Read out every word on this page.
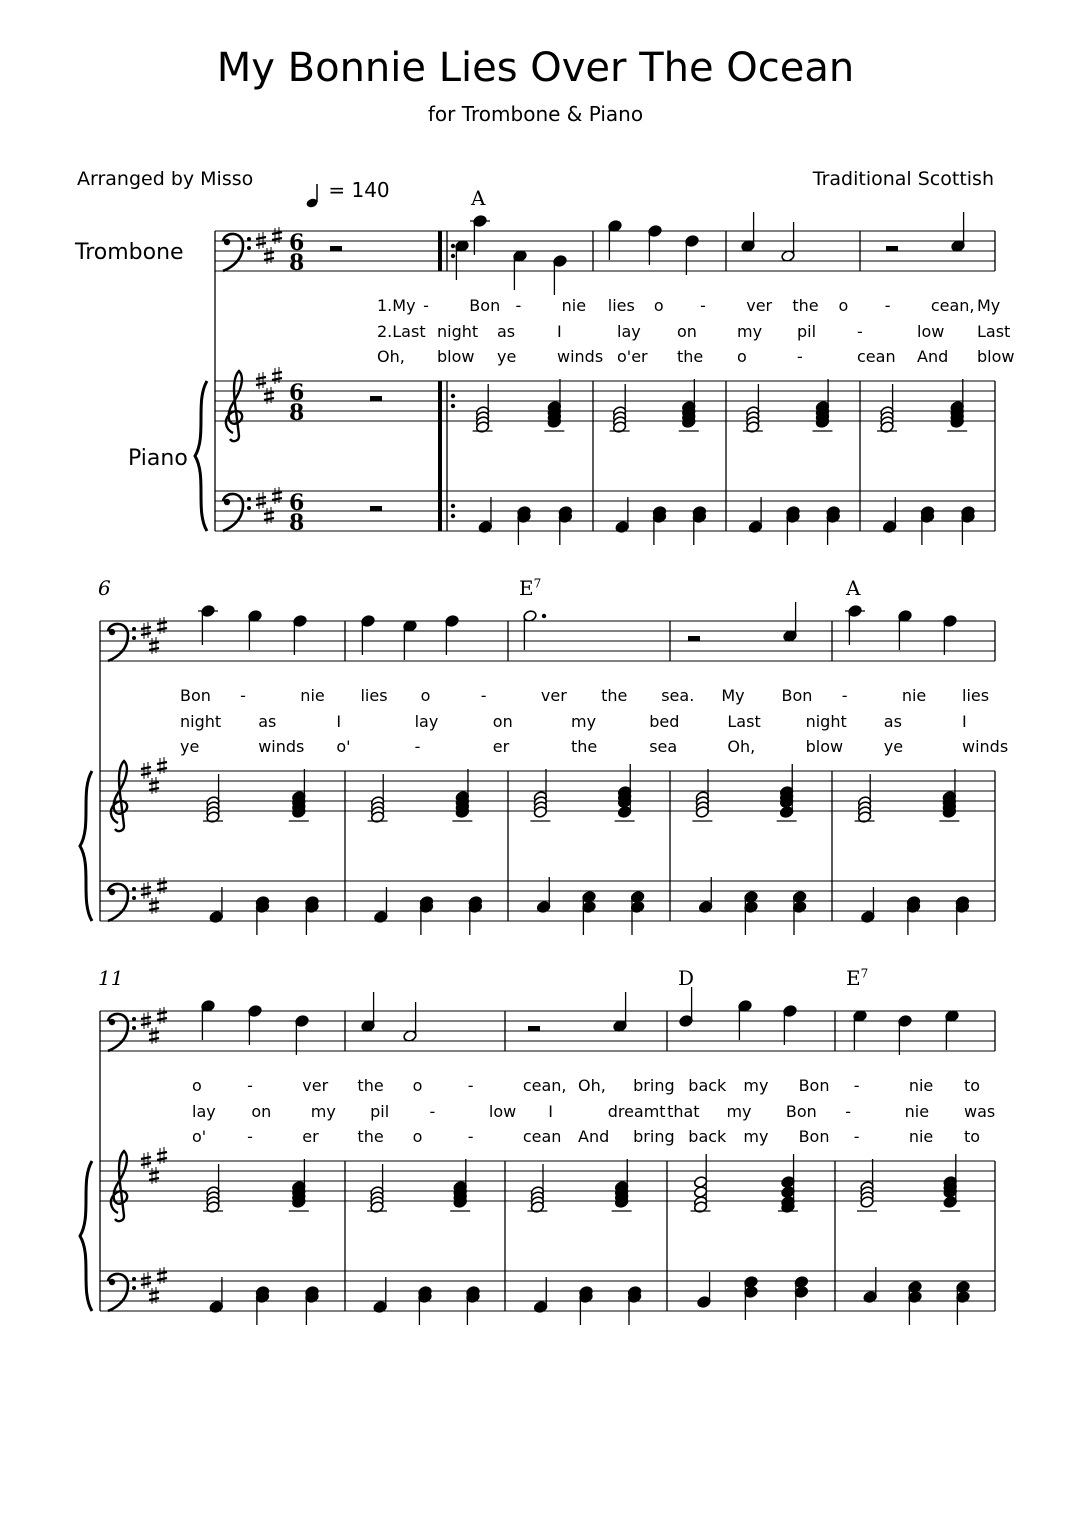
My Bonnie Lies Over The Ocean
for Trombone & Piano
Arranged by Misso	Traditional Scottish
= 140
Trombone
Piano
6
11
A
$E^7$	A
D	$E^7$
6
8
6
8
6
8
1.My -	Bon -	nie lies o -	ver the o -	cean, My
2.Last night as	I	lay on	my pil	-	low Last
Oh, blow ye	winds o'er the o	-	cean And blow
Bon -	nie lies o	-	ver the sea. My Bon -	nie lies
night as	I	lay	on	my	bed	Last	night as	I
ye	winds o'	-	er	the	sea	Oh,	blow	ye	winds
o	-	ver the o	-	cean, Oh, bring back my Bon -	nie to
lay on my pil	-	low I	dreamt that my Bon -	nie was
o'	-	er the o	-	cean And bring back my Bon -	nie to
